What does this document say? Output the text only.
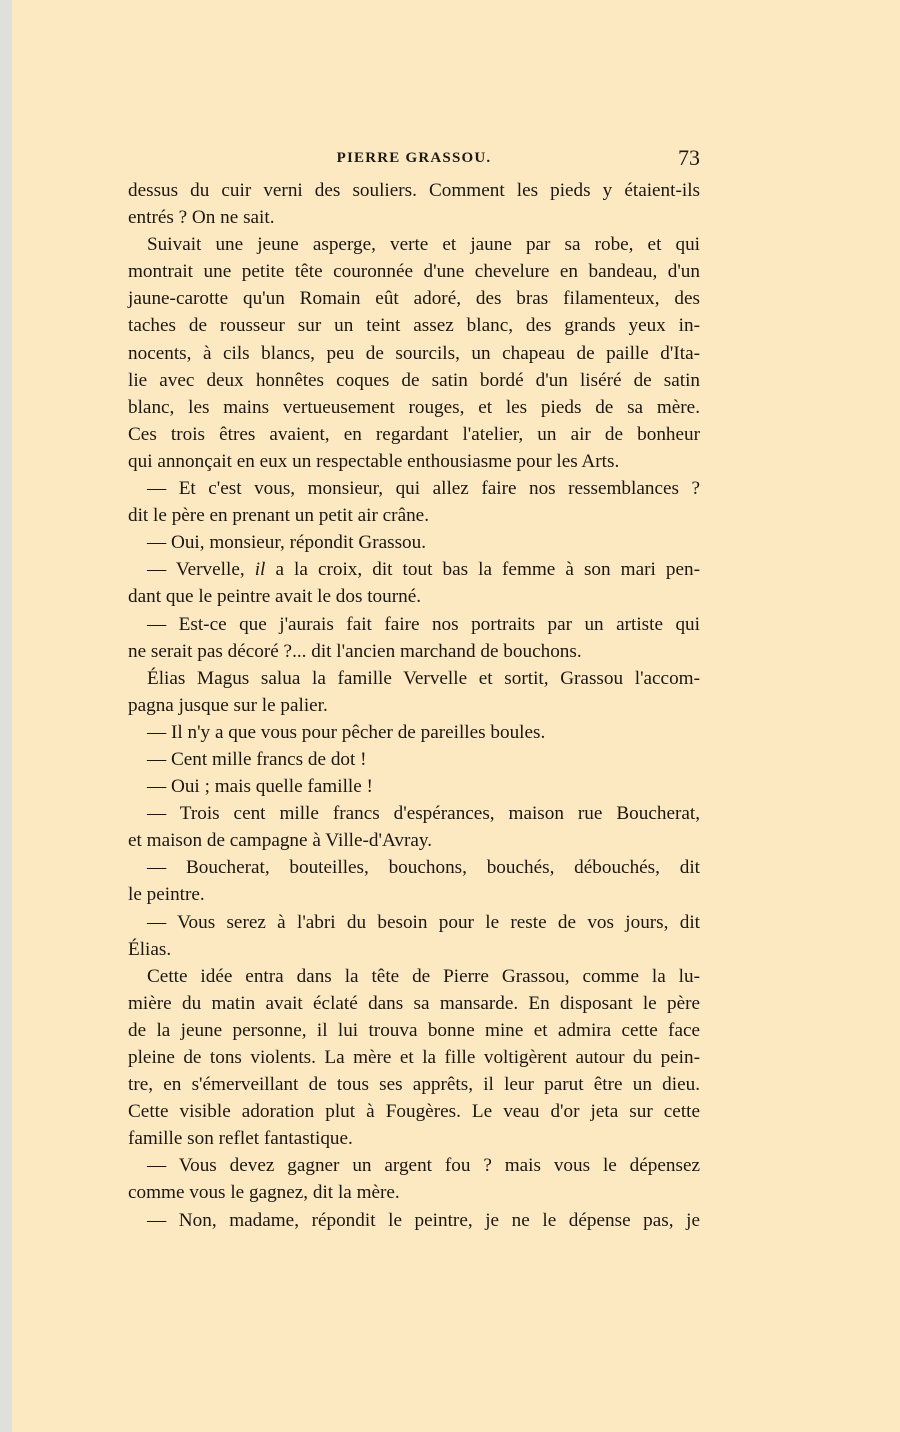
PIERRE GRASSOU.	73
dessus du cuir verni des souliers. Comment les pieds y étaient-ils
entrés ? On ne sait.
Suivait une jeune asperge, verte et jaune par sa robe, et qui
montrait une petite tête couronnée d'une chevelure en bandeau, d'un
jaune-carotte qu'un Romain eût adoré, des bras filamenteux, des
taches de rousseur sur un teint assez blanc, des grands yeux in-
nocents, à cils blancs, peu de sourcils, un chapeau de paille d'Ita-
lie avec deux honnêtes coques de satin bordé d'un liséré de satin
blanc, les mains vertueusement rouges, et les pieds de sa mère.
Ces trois êtres avaient, en regardant l'atelier, un air de bonheur
qui annonçait en eux un respectable enthousiasme pour les Arts.
— Et c'est vous, monsieur, qui allez faire nos ressemblances ?
dit le père en prenant un petit air crâne.
— Oui, monsieur, répondit Grassou.
— Vervelle, il a la croix, dit tout bas la femme à son mari pen-
dant que le peintre avait le dos tourné.
— Est-ce que j'aurais fait faire nos portraits par un artiste qui
ne serait pas décoré ?... dit l'ancien marchand de bouchons.
Élias Magus salua la famille Vervelle et sortit, Grassou l'accom-
pagna jusque sur le palier.
— Il n'y a que vous pour pêcher de pareilles boules.
— Cent mille francs de dot !
— Oui ; mais quelle famille !
— Trois cent mille francs d'espérances, maison rue Boucherat,
et maison de campagne à Ville-d'Avray.
— Boucherat, bouteilles, bouchons, bouchés, débouchés, dit
le peintre.
— Vous serez à l'abri du besoin pour le reste de vos jours, dit
Élias.
Cette idée entra dans la tête de Pierre Grassou, comme la lu-
mière du matin avait éclaté dans sa mansarde. En disposant le père
de la jeune personne, il lui trouva bonne mine et admira cette face
pleine de tons violents. La mère et la fille voltigèrent autour du pein-
tre, en s'émerveillant de tous ses apprêts, il leur parut être un dieu.
Cette visible adoration plut à Fougères. Le veau d'or jeta sur cette
famille son reflet fantastique.
— Vous devez gagner un argent fou ? mais vous le dépensez
comme vous le gagnez, dit la mère.
— Non, madame, répondit le peintre, je ne le dépense pas, je
